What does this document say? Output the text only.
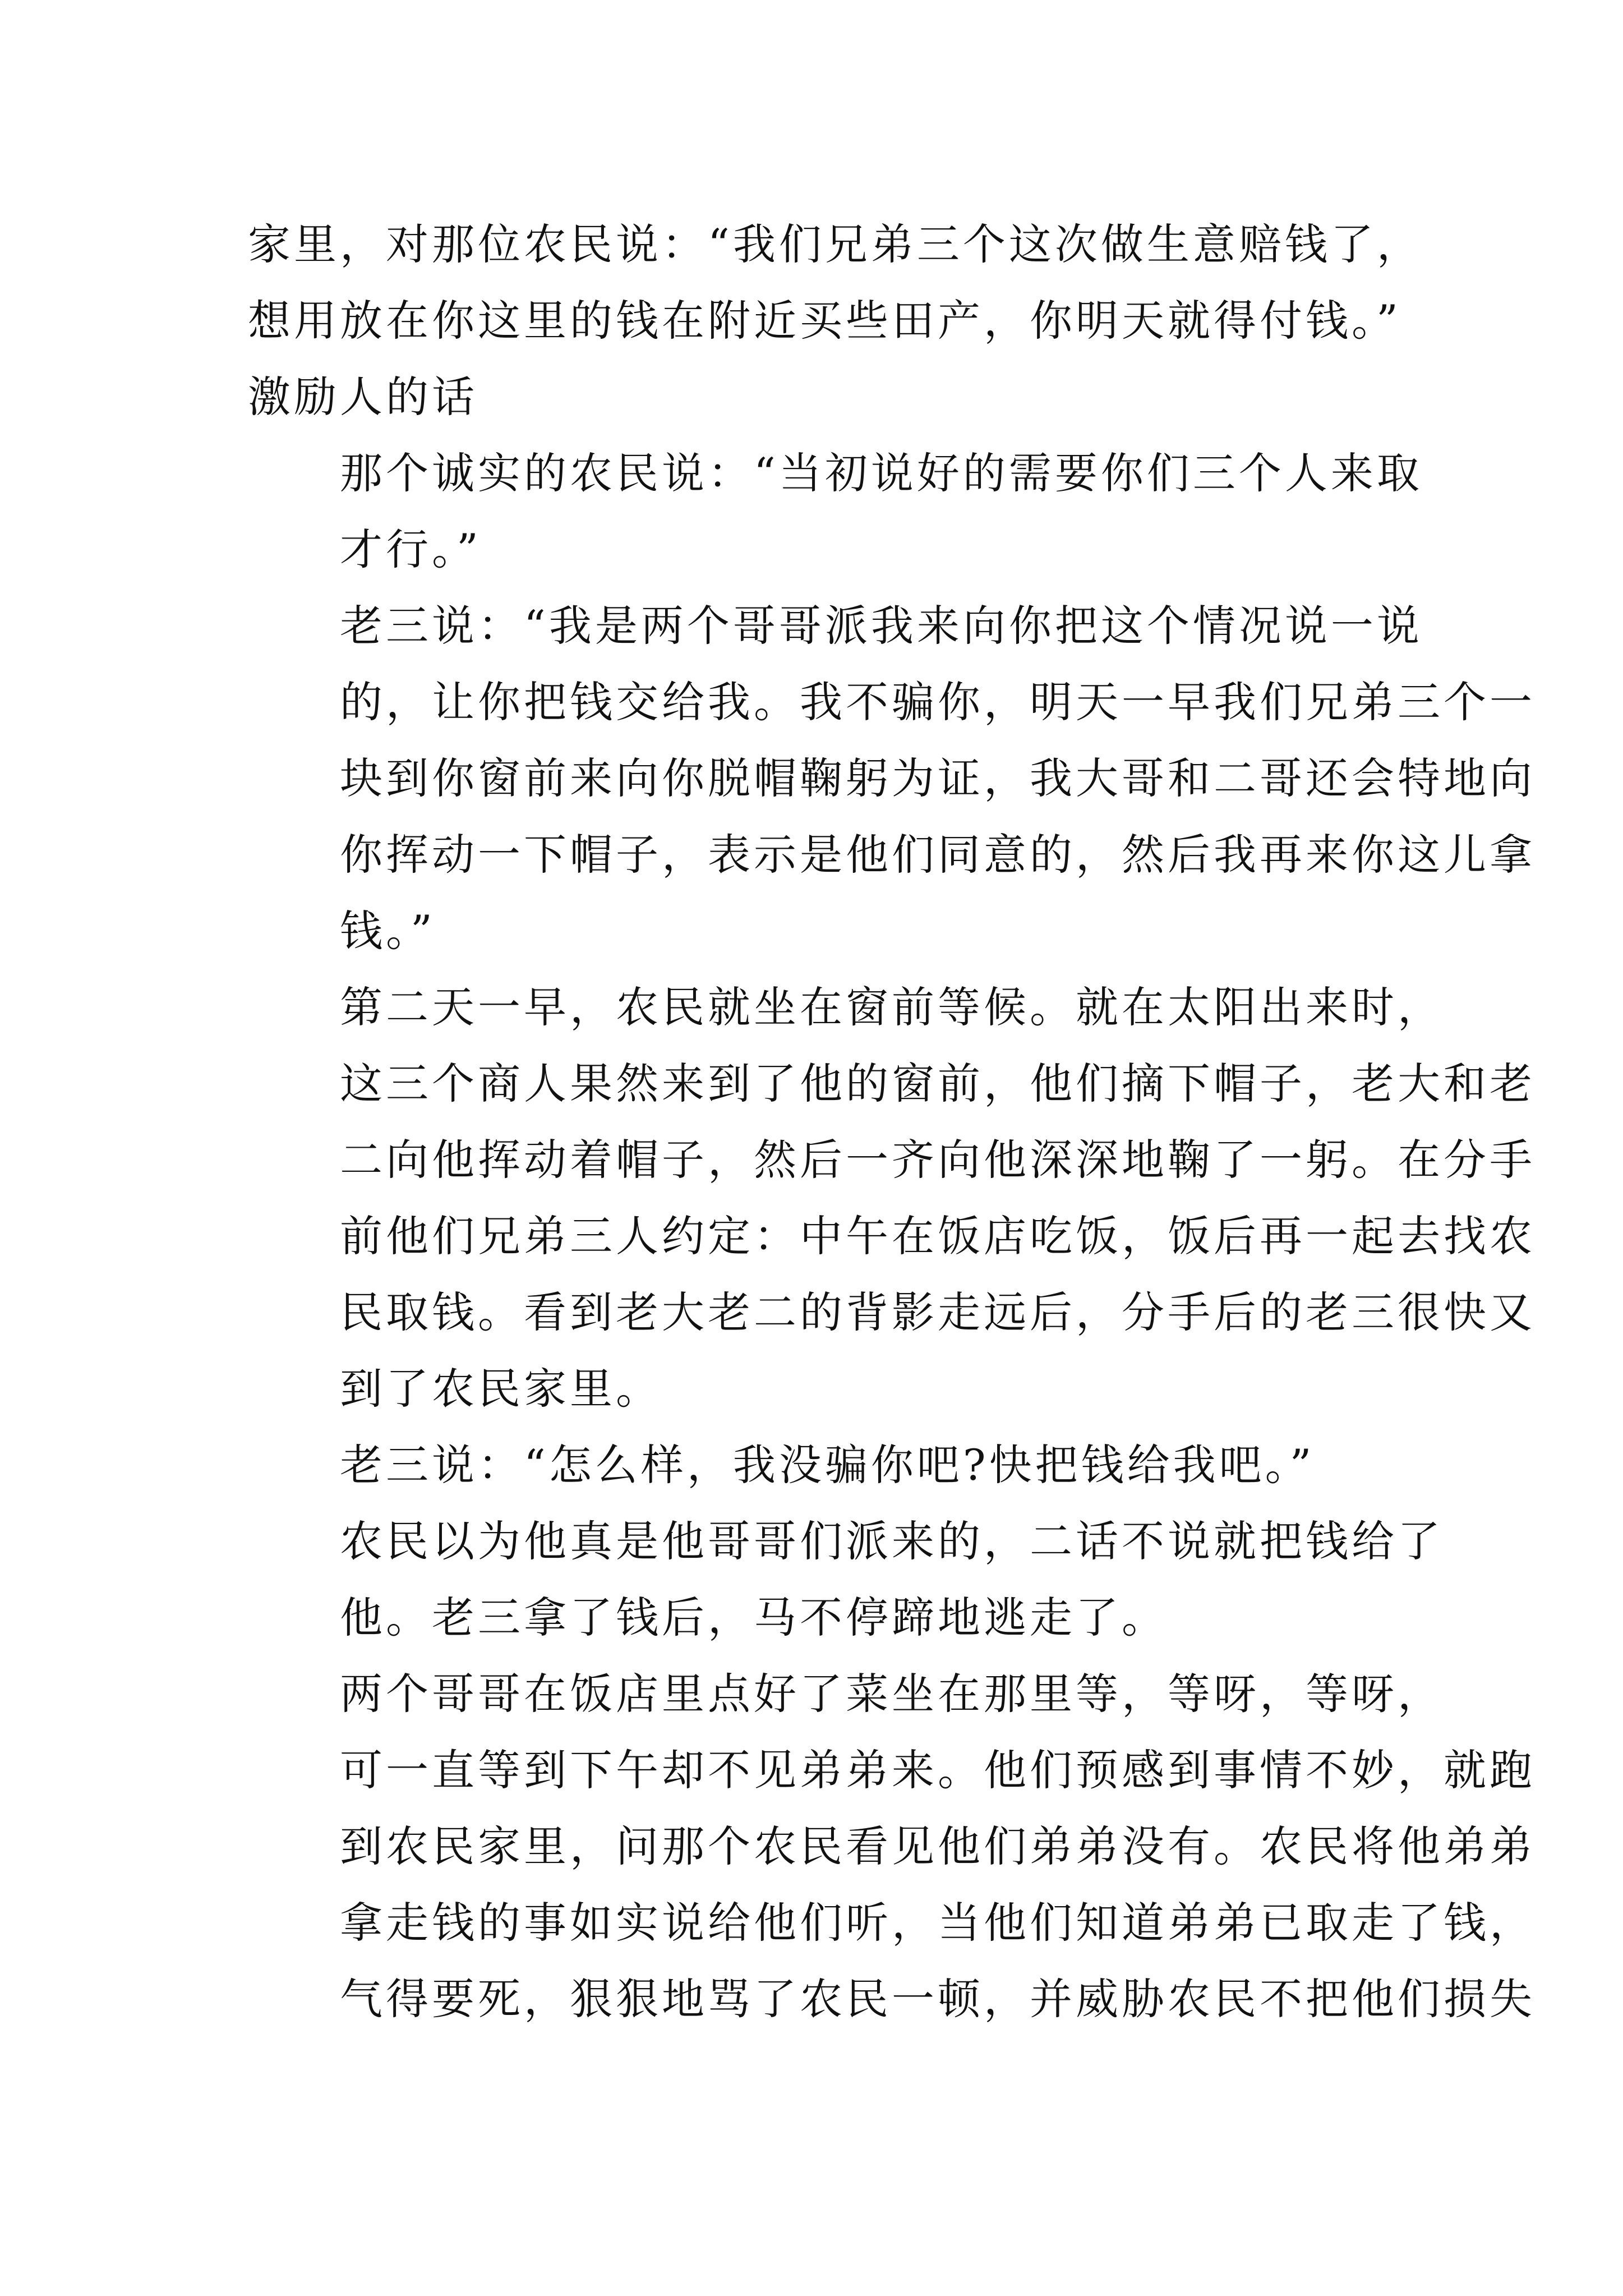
家里，对那位农民说：“我们兄弟三个这次做生意赔钱了，
想用放在你这里的钱在附近买些田产，你明天就得付钱。”
激励人的话

那个诚实的农民说：“当初说好的需要你们三个人来取
才行。”

老三说：“我是两个哥哥派我来向你把这个情况说一说
的，让你把钱交给我。我不骗你，明天一早我们兄弟三个一
块到你窗前来向你脱帽鞠躬为证，我大哥和二哥还会特地向
你挥动一下帽子，表示是他们同意的，然后我再来你这儿拿
钱。”

第二天一早，农民就坐在窗前等候。就在太阳出来时，
这三个商人果然来到了他的窗前，他们摘下帽子，老大和老
二向他挥动着帽子，然后一齐向他深深地鞠了一躬。在分手
前他们兄弟三人约定：中午在饭店吃饭，饭后再一起去找农
民取钱。看到老大老二的背影走远后，分手后的老三很快又
到了农民家里。

老三说：“怎么样，我没骗你吧?快把钱给我吧。”

农民以为他真是他哥哥们派来的，二话不说就把钱给了
他。老三拿了钱后，马不停蹄地逃走了。

两个哥哥在饭店里点好了菜坐在那里等，等呀，等呀，
可一直等到下午却不见弟弟来。他们预感到事情不妙，就跑
到农民家里，问那个农民看见他们弟弟没有。农民将他弟弟
拿走钱的事如实说给他们听，当他们知道弟弟已取走了钱，
气得要死，狠狠地骂了农民一顿，并威胁农民不把他们损失
